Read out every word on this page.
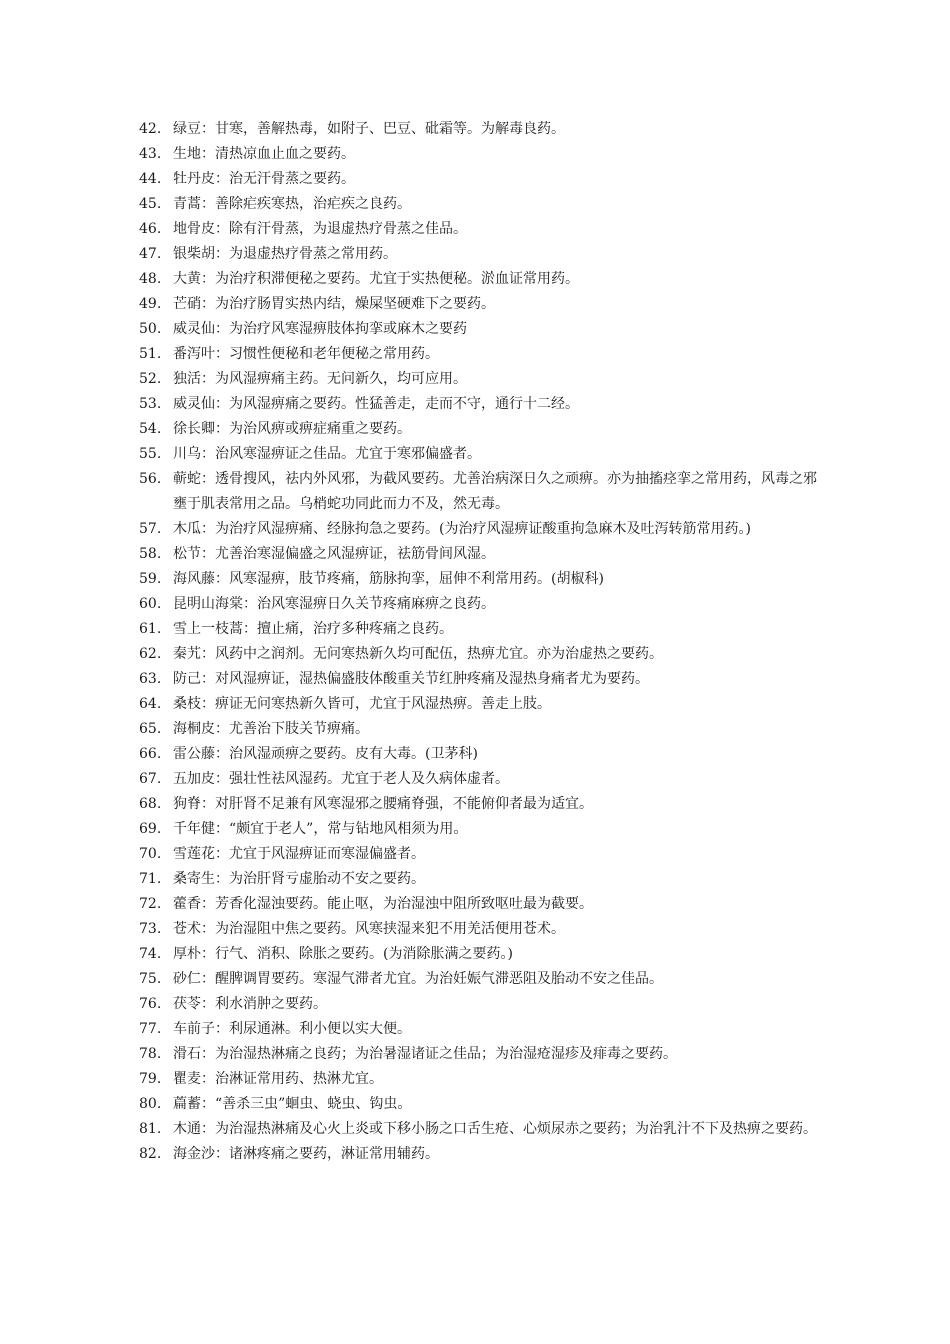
42. 绿豆：甘寒，善解热毒，如附子、巴豆、砒霜等。为解毒良药。

43. 生地：清热凉血止血之要药。

44. 牡丹皮：治无汗骨蒸之要药。

45. 青蒿：善除疟疾寒热，治疟疾之良药。

46. 地骨皮：除有汗骨蒸，为退虚热疗骨蒸之佳品。

47. 银柴胡：为退虚热疗骨蒸之常用药。

48. 大黄：为治疗积滞便秘之要药。尤宜于实热便秘。淤血证常用药。

49. 芒硝：为治疗肠胃实热内结，燥屎坚硬难下之要药。

50. 威灵仙：为治疗风寒湿痹肢体拘挛或麻木之要药

51. 番泻叶：习惯性便秘和老年便秘之常用药。

52. 独活：为风湿痹痛主药。无问新久，均可应用。

53. 威灵仙：为风湿痹痛之要药。性猛善走，走而不守，通行十二经。

54. 徐长卿：为治风痹或痹症痛重之要药。

55. 川乌：治风寒湿痹证之佳品。尤宜于寒邪偏盛者。

56. 蕲蛇：透骨搜风，祛内外风邪，为截风要药。尤善治病深日久之顽痹。亦为抽搐痉挛之常用药，风毒之邪壅于肌表常用之品。乌梢蛇功同此而力不及，然无毒。

57. 木瓜：为治疗风湿痹痛、经脉拘急之要药。(为治疗风湿痹证酸重拘急麻木及吐泻转筋常用药。)

58. 松节：尤善治寒湿偏盛之风湿痹证，祛筋骨间风湿。

59. 海风藤：风寒湿痹，肢节疼痛，筋脉拘挛，屈伸不利常用药。(胡椒科)

60. 昆明山海棠：治风寒湿痹日久关节疼痛麻痹之良药。

61. 雪上一枝蒿：擅止痛，治疗多种疼痛之良药。

62. 秦艽：风药中之润剂。无问寒热新久均可配伍，热痹尤宜。亦为治虚热之要药。

63. 防己：对风湿痹证，湿热偏盛肢体酸重关节红肿疼痛及湿热身痛者尤为要药。

64. 桑枝：痹证无问寒热新久皆可，尤宜于风湿热痹。善走上肢。

65. 海桐皮：尤善治下肢关节痹痛。

66. 雷公藤：治风湿顽痹之要药。皮有大毒。(卫茅科)

67. 五加皮：强壮性祛风湿药。尤宜于老人及久病体虚者。

68. 狗脊：对肝肾不足兼有风寒湿邪之腰痛脊强，不能俯仰者最为适宜。

69. 千年健：“颇宜于老人”，常与钻地风相须为用。

70. 雪莲花：尤宜于风湿痹证而寒湿偏盛者。

71. 桑寄生：为治肝肾亏虚胎动不安之要药。

72. 藿香：芳香化湿浊要药。能止呕，为治湿浊中阻所致呕吐最为截要。

73. 苍术：为治湿阻中焦之要药。风寒挟湿来犯不用羌活便用苍术。

74. 厚朴：行气、消积、除胀之要药。(为消除胀满之要药。)

75. 砂仁：醒脾调胃要药。寒湿气滞者尤宜。为治妊娠气滞恶阻及胎动不安之佳品。

76. 茯苓：利水消肿之要药。

77. 车前子：利尿通淋。利小便以实大便。

78. 滑石：为治湿热淋痛之良药；为治暑湿诸证之佳品；为治湿疮湿疹及痱毒之要药。

79. 瞿麦：治淋证常用药、热淋尤宜。

80. 萹蓄：“善杀三虫”蛔虫、蛲虫、钩虫。

81. 木通：为治湿热淋痛及心火上炎或下移小肠之口舌生疮、心烦尿赤之要药；为治乳汁不下及热痹之要药。

82. 海金沙：诸淋疼痛之要药，淋证常用辅药。
